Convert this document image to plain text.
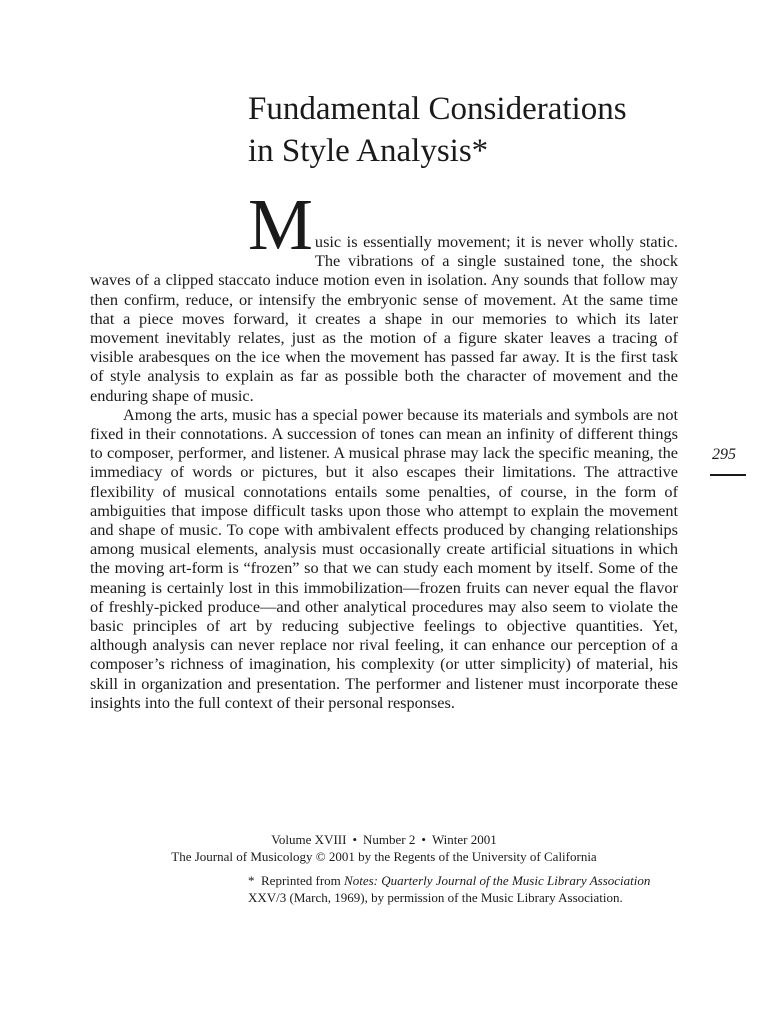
Fundamental Considerations
in Style Analysis*

Music is essentially movement; it is never wholly static. The vibrations of a single sustained tone, the shock waves of a clipped staccato induce motion even in isolation. Any sounds that follow may then confirm, reduce, or intensify the embryonic sense of movement. At the same time that a piece moves forward, it creates a shape in our memories to which its later movement inevitably relates, just as the motion of a figure skater leaves a tracing of visible arabesques on the ice when the movement has passed far away. It is the first task of style analysis to explain as far as possible both the character of movement and the enduring shape of music.

Among the arts, music has a special power because its materials and symbols are not fixed in their connotations. A succession of tones can mean an infinity of different things to composer, performer, and listener. A musical phrase may lack the specific meaning, the immediacy of words or pictures, but it also escapes their limitations. The attractive flexibility of musical connotations entails some penalties, of course, in the form of ambiguities that impose difficult tasks upon those who attempt to explain the movement and shape of music. To cope with ambivalent effects produced by changing relationships among musical elements, analysis must occasionally create artificial situations in which the moving art-form is “frozen” so that we can study each moment by itself. Some of the meaning is certainly lost in this immobilization—frozen fruits can never equal the flavor of freshly-picked produce—and other analytical procedures may also seem to violate the basic principles of art by reducing subjective feelings to objective quantities. Yet, although analysis can never replace nor rival feeling, it can enhance our perception of a composer’s richness of imagination, his complexity (or utter simplicity) of material, his skill in organization and presentation. The performer and listener must incorporate these insights into the full context of their personal responses.

295
Volume XVIII • Number 2 • Winter 2001
The Journal of Musicology © 2001 by the Regents of the University of California
*  Reprinted from Notes: Quarterly Journal of the Music Library Association XXV/3 (March, 1969), by permission of the Music Library Association.
